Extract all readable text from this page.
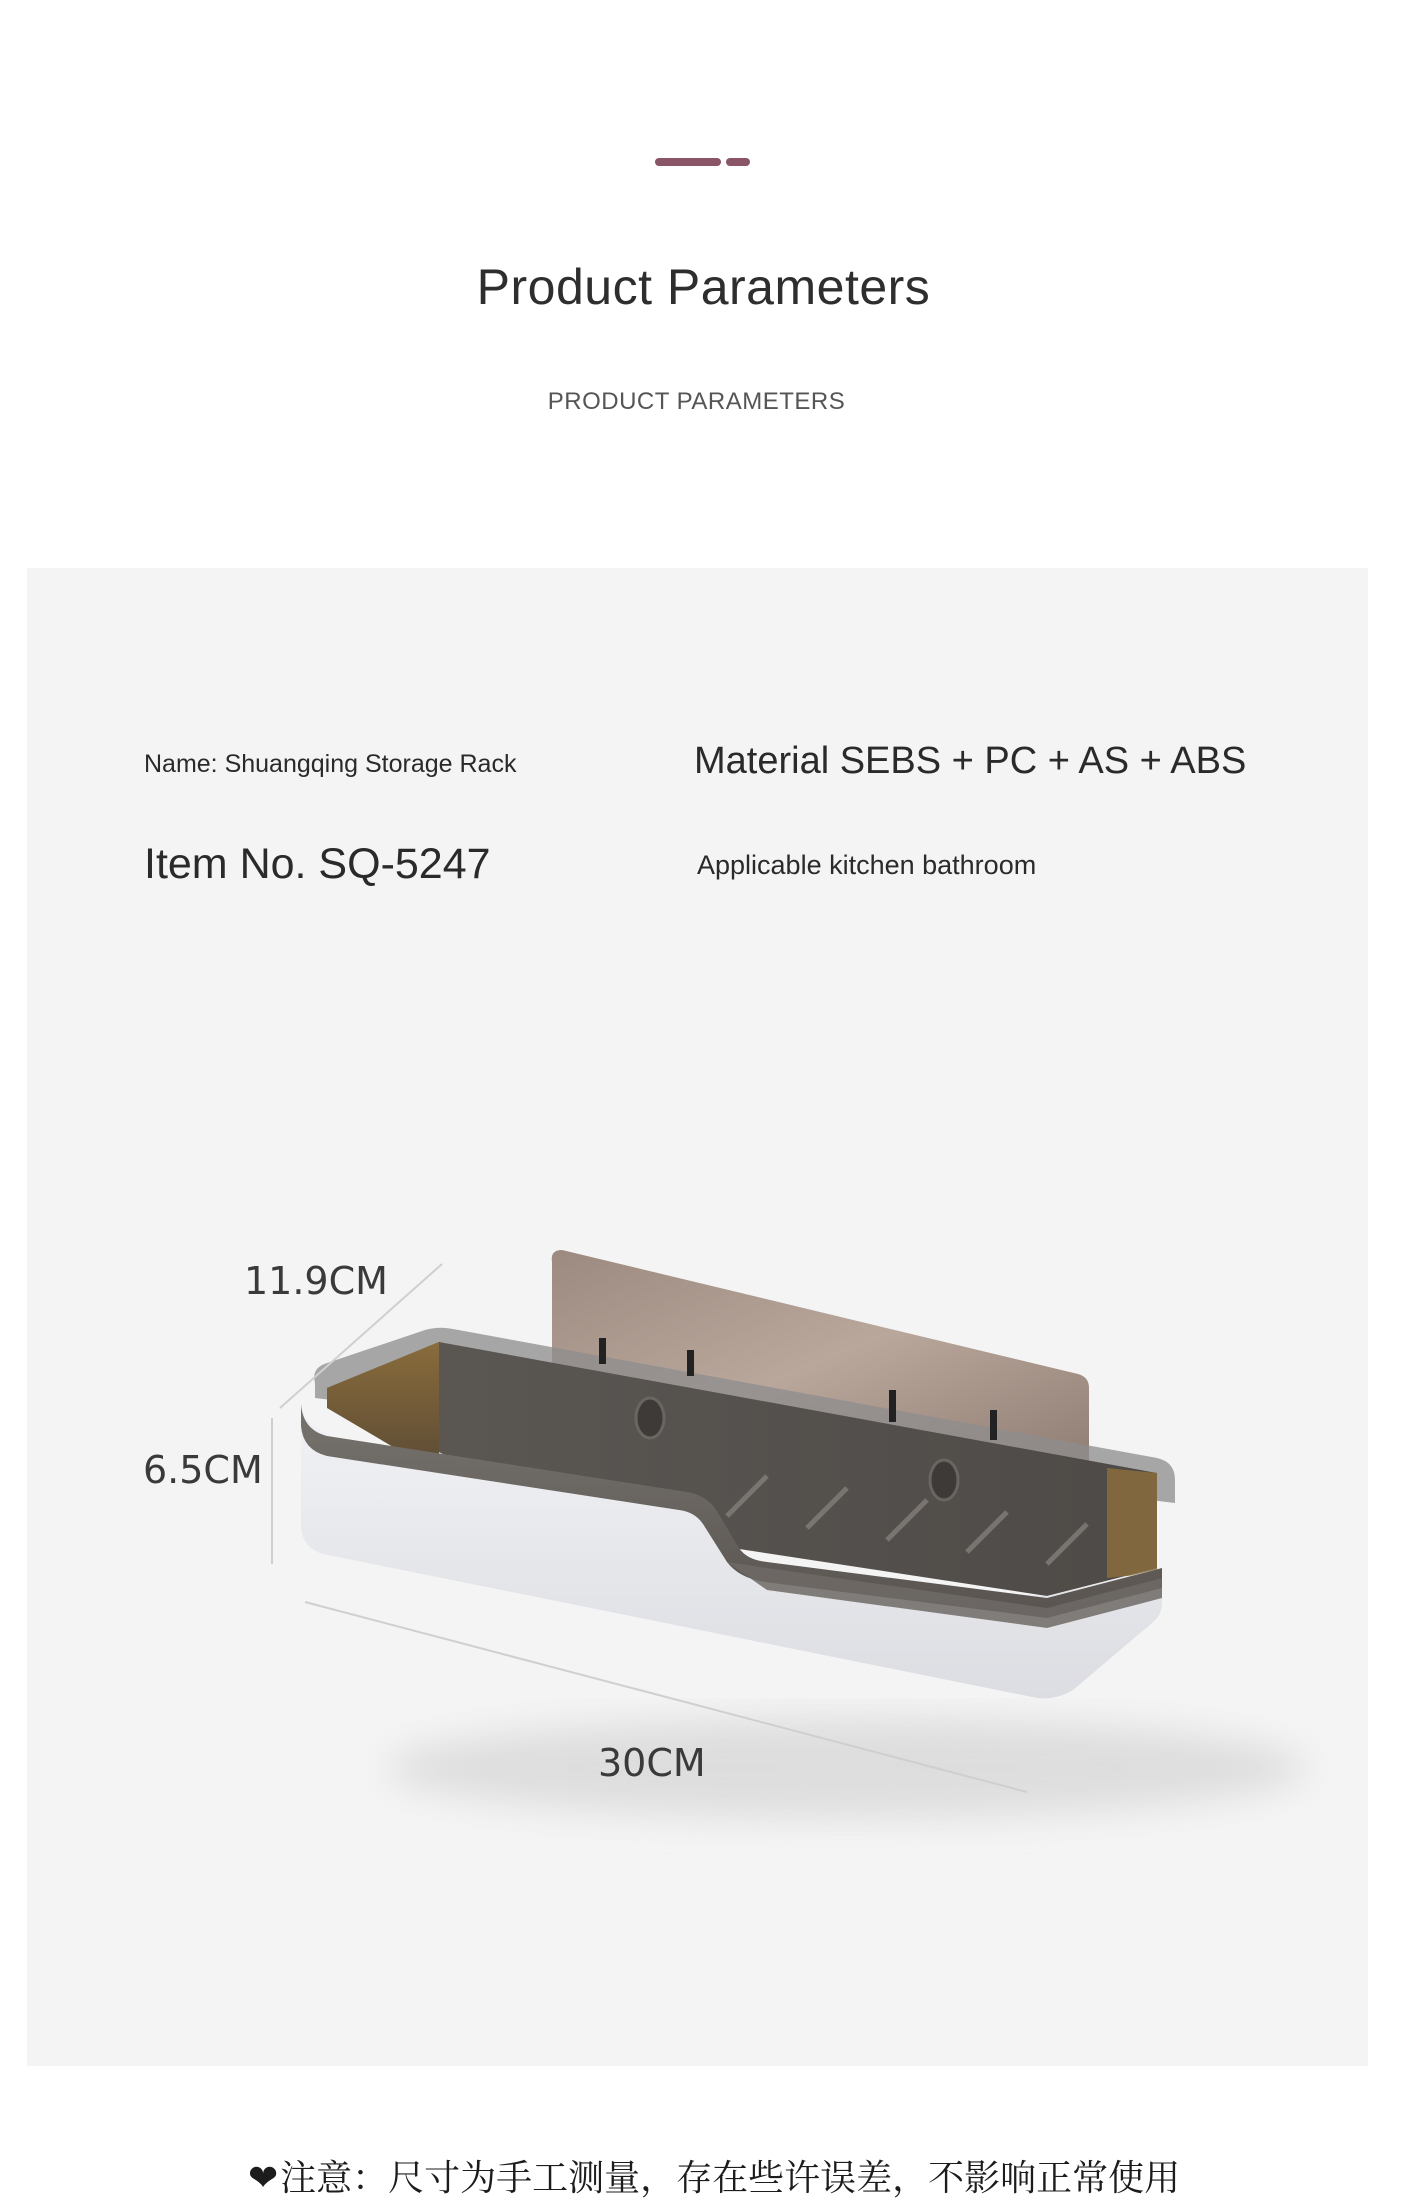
Product Parameters
PRODUCT PARAMETERS
Name: Shuangqing Storage Rack	Material SEBS + PC + AS + ABS
Item No. SQ-5247	Applicable kitchen bathroom
11.9CM
6.5CM
30CM
❤注意：尺寸为手工测量，存在些许误差，不影响正常使用
